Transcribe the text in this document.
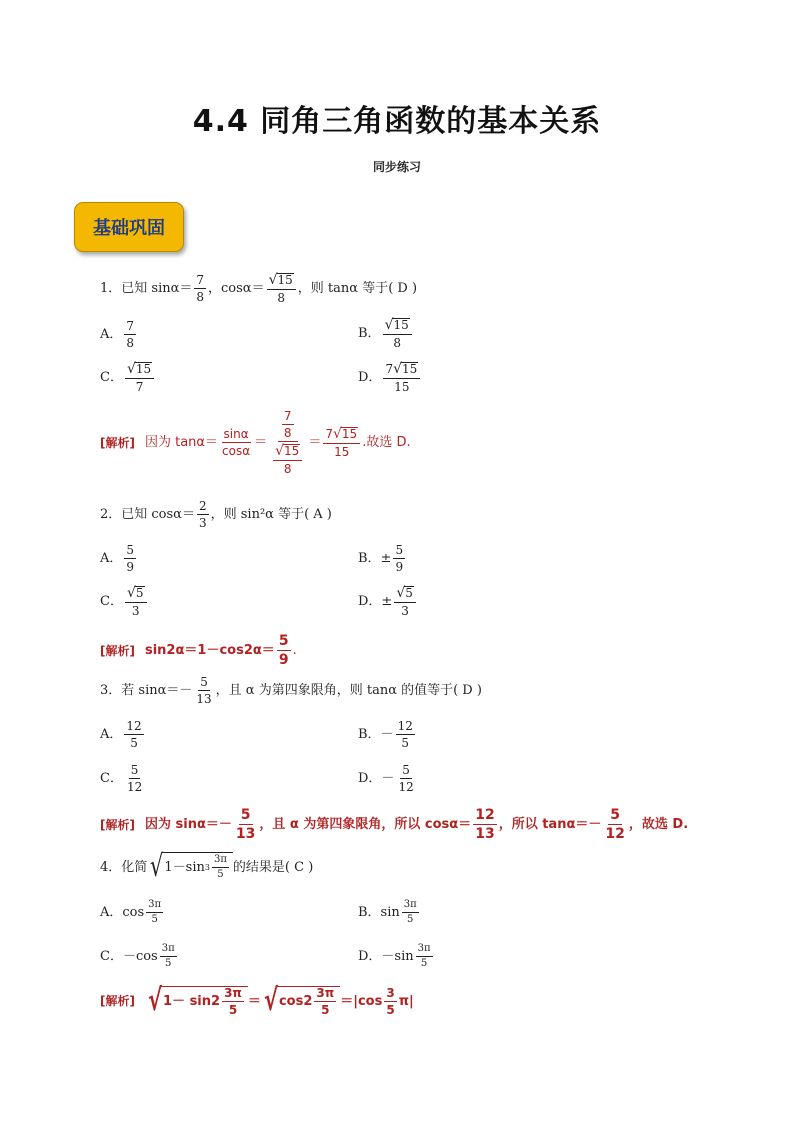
4.4 同角三角函数的基本关系
同步练习
基础巩固
1．已知 $\sin\alpha= \frac{7}{8}$ ，$\cos\alpha= \frac{√ 15}{8}$ ，则 tanα 等于( D )
A． $\frac{7}{8}$	B． $\frac{√ 15}{8}$
C． $\frac{√ 15}{7}$	D． $\frac{7 √ 15}{15}$
[解析] 因为 $\tan\alpha= \frac{\sin\alpha}{\cos\alpha} = \frac{\frac{7}{8}}{\frac{√ 15}{8}} = \frac{7 √ 15}{15}$ .故选 D.
2．已知 $\cos\alpha= \frac{2}{3}$ ，则 sin²α 等于( A )
A． $\frac{5}{9}$	B．± $\frac{5}{9}$
C． $\frac{√ 5}{3}$	D．± $\frac{√ 5}{3}$
[解析] $\sin 2\alpha=1-\cos 2\alpha= \frac{5}{9}$ .
3．若 $\sin\alpha=- \frac{5}{13}$ ，且 α 为第四象限角，则 tanα 的值等于( D )
A． $\frac{12}{5}$	B．－ $\frac{12}{5}$
C． $\frac{5}{12}$	D．－ $\frac{5}{12}$
[解析] 因为 $\sin\alpha=- \frac{5}{13}$ ，且 α 为第四象限角，所以 $\cos\alpha= \frac{12}{13}$ ，所以 $\tan\alpha=- \frac{5}{12}$ ，故选 D.
4．化简 √ 1－sin $3 \frac{3\pi}{5}$ 的结果是( C )
A．$\cos \frac{3\pi}{5}$	B．$\sin \frac{3\pi}{5}$
C．$-\cos \frac{3\pi}{5}$	D．$-\sin \frac{3\pi}{5}$
[解析] √ $1- \sin 2 \frac{3\pi}{5}$ ＝ √ $\cos 2 \frac{3\pi}{5} =|\cos \frac{3}{5} \pi|$
